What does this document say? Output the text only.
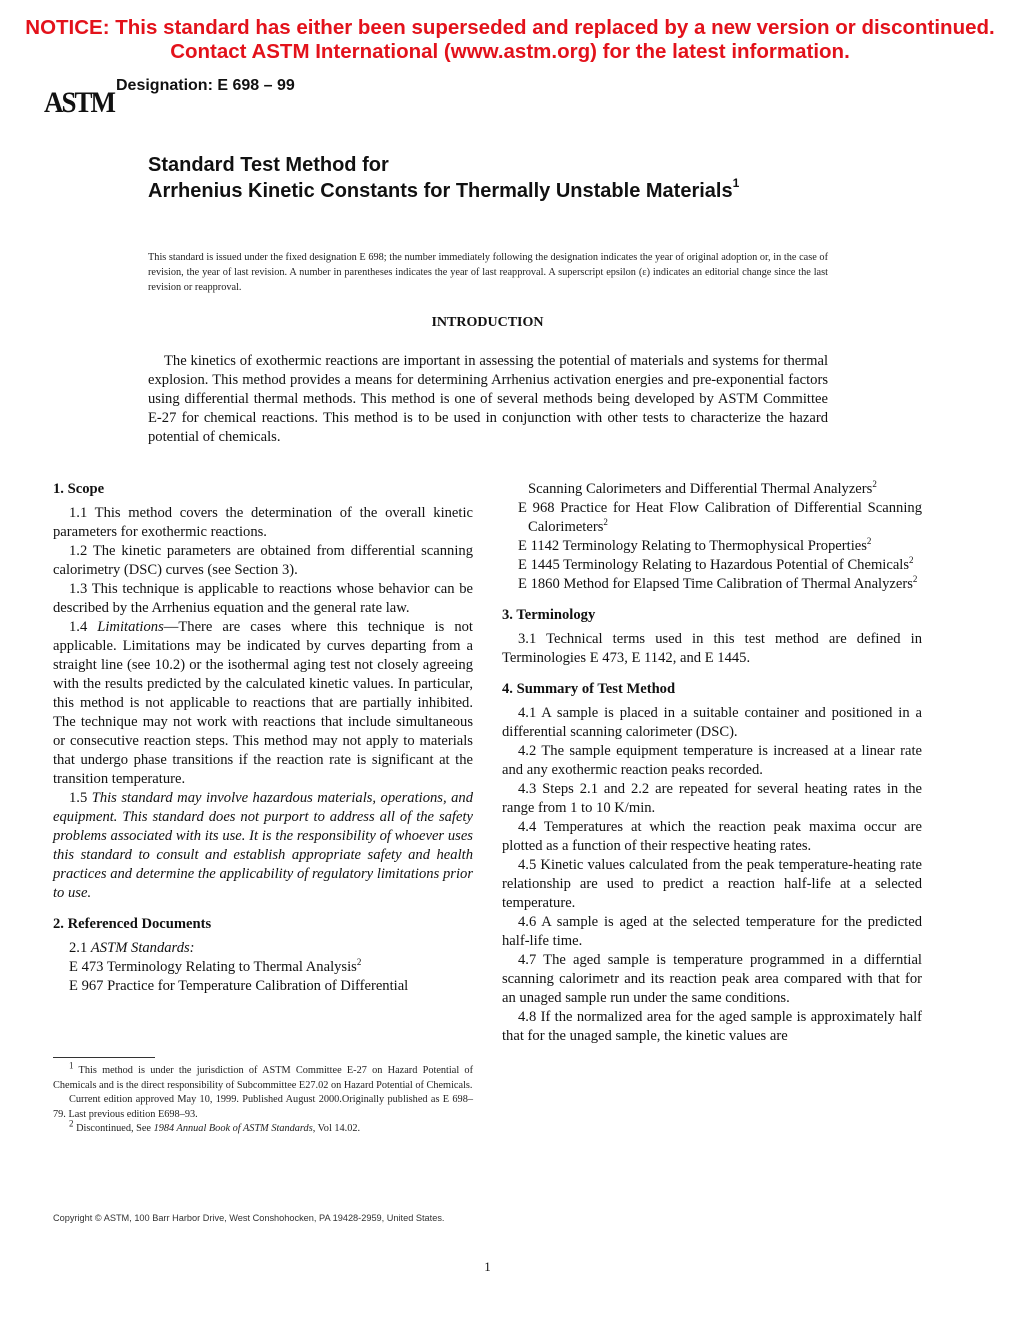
NOTICE: This standard has either been superseded and replaced by a new version or discontinued.
Contact ASTM International (www.astm.org) for the latest information.
ASTM
Designation: E 698 – 99
Standard Test Method for
Arrhenius Kinetic Constants for Thermally Unstable Materials$^1$
This standard is issued under the fixed designation E 698; the number immediately following the designation indicates the year of original adoption or, in the case of revision, the year of last revision. A number in parentheses indicates the year of last reapproval. A superscript epsilon (ε) indicates an editorial change since the last revision or reapproval.
INTRODUCTION
The kinetics of exothermic reactions are important in assessing the potential of materials and systems for thermal explosion. This method provides a means for determining Arrhenius activation energies and pre-exponential factors using differential thermal methods. This method is one of several methods being developed by ASTM Committee E-27 for chemical reactions. This method is to be used in conjunction with other tests to characterize the hazard potential of chemicals.
1. Scope

1.1 This method covers the determination of the overall kinetic parameters for exothermic reactions.

1.2 The kinetic parameters are obtained from differential scanning calorimetry (DSC) curves (see Section 3).

1.3 This technique is applicable to reactions whose behavior can be described by the Arrhenius equation and the general rate law.

1.4 Limitations—There are cases where this technique is not applicable. Limitations may be indicated by curves departing from a straight line (see 10.2) or the isothermal aging test not closely agreeing with the results predicted by the calculated kinetic values. In particular, this method is not applicable to reactions that are partially inhibited. The technique may not work with reactions that include simultaneous or consecutive reaction steps. This method may not apply to materials that undergo phase transitions if the reaction rate is significant at the transition temperature.

1.5 This standard may involve hazardous materials, operations, and equipment. This standard does not purport to address all of the safety problems associated with its use. It is the responsibility of whoever uses this standard to consult and establish appropriate safety and health practices and determine the applicability of regulatory limitations prior to use.

2. Referenced Documents

2.1 ASTM Standards:

E 473 Terminology Relating to Thermal Analysis$^2$

E 967 Practice for Temperature Calibration of Differential

$^1$ This method is under the jurisdiction of ASTM Committee E-27 on Hazard Potential of Chemicals and is the direct responsibility of Subcommittee E27.02 on Hazard Potential of Chemicals.

Current edition approved May 10, 1999. Published August 2000.Originally published as E 698–79. Last previous edition E698–93.

$^2$ Discontinued, See 1984 Annual Book of ASTM Standards, Vol 14.02.

Scanning Calorimeters and Differential Thermal Analyzers$^2$

E 968 Practice for Heat Flow Calibration of Differential Scanning Calorimeters$^2$

E 1142 Terminology Relating to Thermophysical Properties$^2$

E 1445 Terminology Relating to Hazardous Potential of Chemicals$^2$

E 1860 Method for Elapsed Time Calibration of Thermal Analyzers$^2$

3. Terminology

3.1 Technical terms used in this test method are defined in Terminologies E 473, E 1142, and E 1445.

4. Summary of Test Method

4.1 A sample is placed in a suitable container and positioned in a differential scanning calorimeter (DSC).

4.2 The sample equipment temperature is increased at a linear rate and any exothermic reaction peaks recorded.

4.3 Steps 2.1 and 2.2 are repeated for several heating rates in the range from 1 to 10 K/min.

4.4 Temperatures at which the reaction peak maxima occur are plotted as a function of their respective heating rates.

4.5 Kinetic values calculated from the peak temperature-heating rate relationship are used to predict a reaction half-life at a selected temperature.

4.6 A sample is aged at the selected temperature for the predicted half-life time.

4.7 The aged sample is temperature programmed in a differntial scanning calorimetr and its reaction peak area compared with that for an unaged sample run under the same conditions.

4.8 If the normalized area for the aged sample is approximately half that for the unaged sample, the kinetic values are

Copyright © ASTM, 100 Barr Harbor Drive, West Conshohocken, PA 19428-2959, United States.
1
